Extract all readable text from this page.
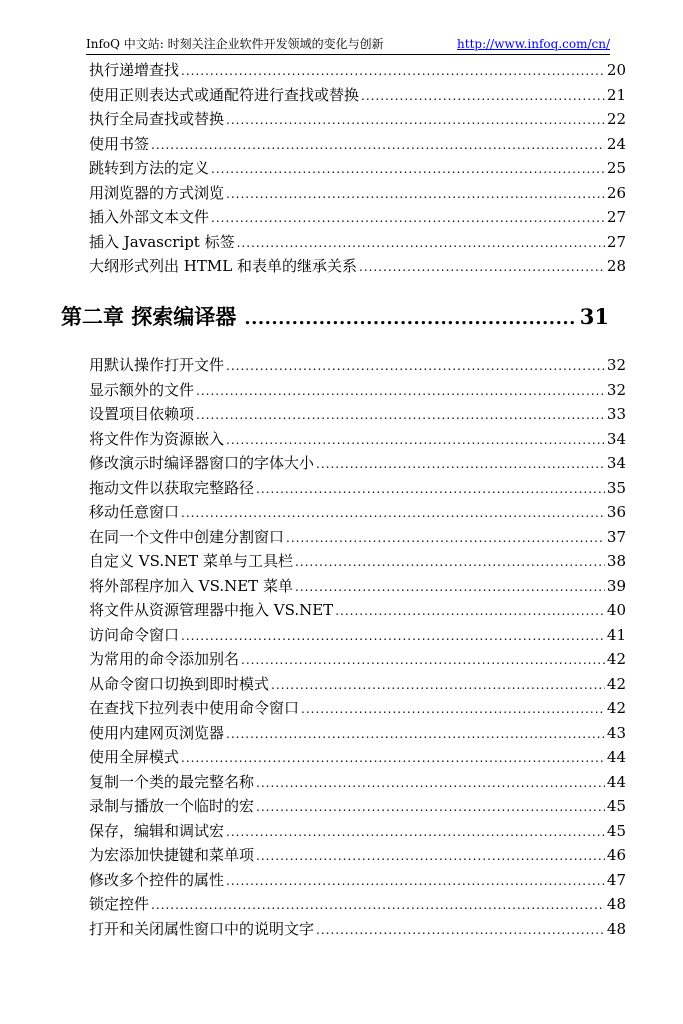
InfoQ 中文站: 时刻关注企业软件开发领域的变化与创新	http://www.infoq.com/cn/
执行递增查找 .....	20
使用正则表达式或通配符进行查找或替换 .....	21
执行全局查找或替换 .....	22
使用书签 .....	24
跳转到方法的定义 .....	25
用浏览器的方式浏览 .....	26
插入外部文本文件 .....	27
插入 Javascript 标签 .....	27
大纲形式列出 HTML 和表单的继承关系 .....	28
第二章 探索编译器 .....	31
用默认操作打开文件 .....	32
显示额外的文件 .....	32
设置项目依赖项 .....	33
将文件作为资源嵌入 .....	34
修改演示时编译器窗口的字体大小 .....	34
拖动文件以获取完整路径 .....	35
移动任意窗口 .....	36
在同一个文件中创建分割窗口 .....	37
自定义 VS.NET 菜单与工具栏 .....	38
将外部程序加入 VS.NET 菜单 .....	39
将文件从资源管理器中拖入 VS.NET .....	40
访问命令窗口 .....	41
为常用的命令添加别名 .....	42
从命令窗口切换到即时模式 .....	42
在查找下拉列表中使用命令窗口 .....	42
使用内建网页浏览器 .....	43
使用全屏模式 .....	44
复制一个类的最完整名称 .....	44
录制与播放一个临时的宏 .....	45
保存，编辑和调试宏 .....	45
为宏添加快捷键和菜单项 .....	46
修改多个控件的属性 .....	47
锁定控件 .....	48
打开和关闭属性窗口中的说明文字 .....	48
